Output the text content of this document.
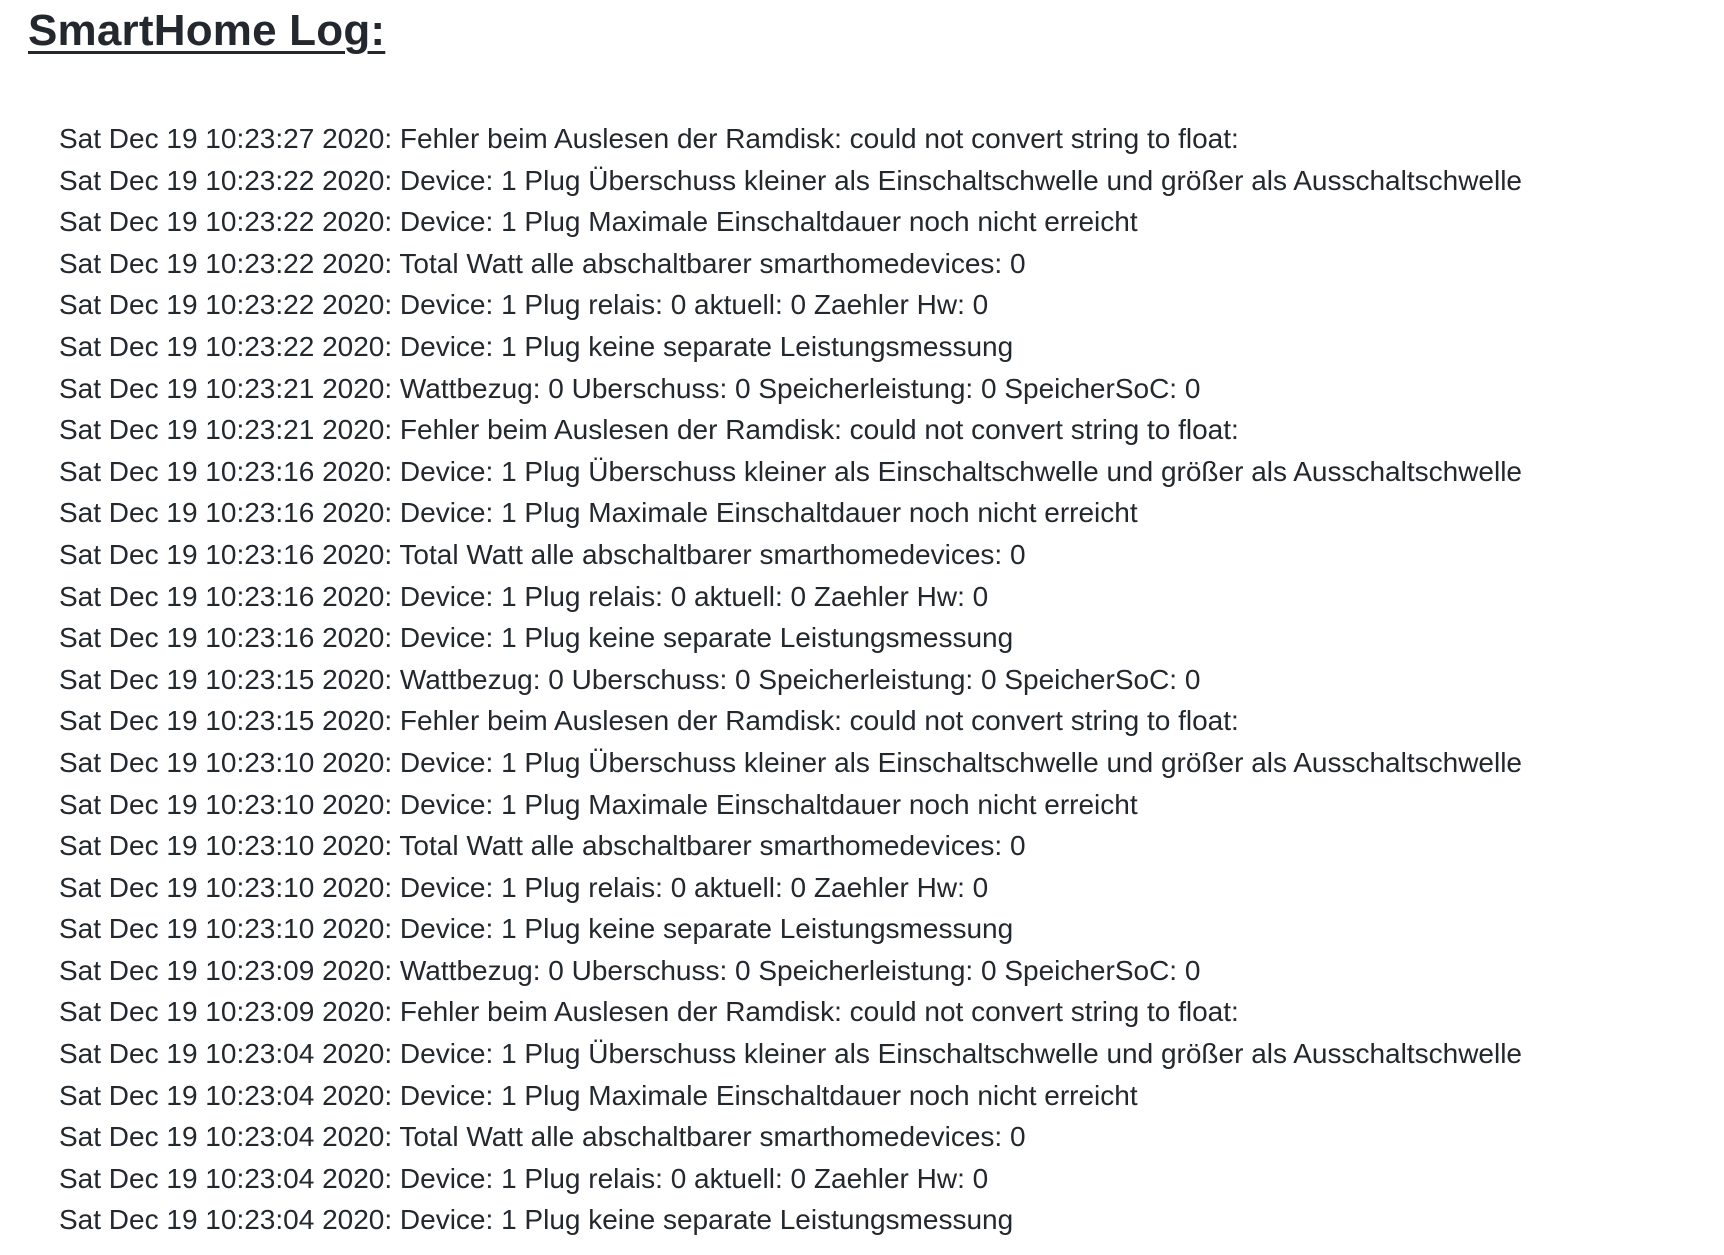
SmartHome Log:
Sat Dec 19 10:23:27 2020: Fehler beim Auslesen der Ramdisk: could not convert string to float:
Sat Dec 19 10:23:22 2020: Device: 1 Plug Überschuss kleiner als Einschaltschwelle und größer als Ausschaltschwelle
Sat Dec 19 10:23:22 2020: Device: 1 Plug Maximale Einschaltdauer noch nicht erreicht
Sat Dec 19 10:23:22 2020: Total Watt alle abschaltbarer smarthomedevices: 0
Sat Dec 19 10:23:22 2020: Device: 1 Plug relais: 0 aktuell: 0 Zaehler Hw: 0
Sat Dec 19 10:23:22 2020: Device: 1 Plug keine separate Leistungsmessung
Sat Dec 19 10:23:21 2020: Wattbezug: 0 Uberschuss: 0 Speicherleistung: 0 SpeicherSoC: 0
Sat Dec 19 10:23:21 2020: Fehler beim Auslesen der Ramdisk: could not convert string to float:
Sat Dec 19 10:23:16 2020: Device: 1 Plug Überschuss kleiner als Einschaltschwelle und größer als Ausschaltschwelle
Sat Dec 19 10:23:16 2020: Device: 1 Plug Maximale Einschaltdauer noch nicht erreicht
Sat Dec 19 10:23:16 2020: Total Watt alle abschaltbarer smarthomedevices: 0
Sat Dec 19 10:23:16 2020: Device: 1 Plug relais: 0 aktuell: 0 Zaehler Hw: 0
Sat Dec 19 10:23:16 2020: Device: 1 Plug keine separate Leistungsmessung
Sat Dec 19 10:23:15 2020: Wattbezug: 0 Uberschuss: 0 Speicherleistung: 0 SpeicherSoC: 0
Sat Dec 19 10:23:15 2020: Fehler beim Auslesen der Ramdisk: could not convert string to float:
Sat Dec 19 10:23:10 2020: Device: 1 Plug Überschuss kleiner als Einschaltschwelle und größer als Ausschaltschwelle
Sat Dec 19 10:23:10 2020: Device: 1 Plug Maximale Einschaltdauer noch nicht erreicht
Sat Dec 19 10:23:10 2020: Total Watt alle abschaltbarer smarthomedevices: 0
Sat Dec 19 10:23:10 2020: Device: 1 Plug relais: 0 aktuell: 0 Zaehler Hw: 0
Sat Dec 19 10:23:10 2020: Device: 1 Plug keine separate Leistungsmessung
Sat Dec 19 10:23:09 2020: Wattbezug: 0 Uberschuss: 0 Speicherleistung: 0 SpeicherSoC: 0
Sat Dec 19 10:23:09 2020: Fehler beim Auslesen der Ramdisk: could not convert string to float:
Sat Dec 19 10:23:04 2020: Device: 1 Plug Überschuss kleiner als Einschaltschwelle und größer als Ausschaltschwelle
Sat Dec 19 10:23:04 2020: Device: 1 Plug Maximale Einschaltdauer noch nicht erreicht
Sat Dec 19 10:23:04 2020: Total Watt alle abschaltbarer smarthomedevices: 0
Sat Dec 19 10:23:04 2020: Device: 1 Plug relais: 0 aktuell: 0 Zaehler Hw: 0
Sat Dec 19 10:23:04 2020: Device: 1 Plug keine separate Leistungsmessung
